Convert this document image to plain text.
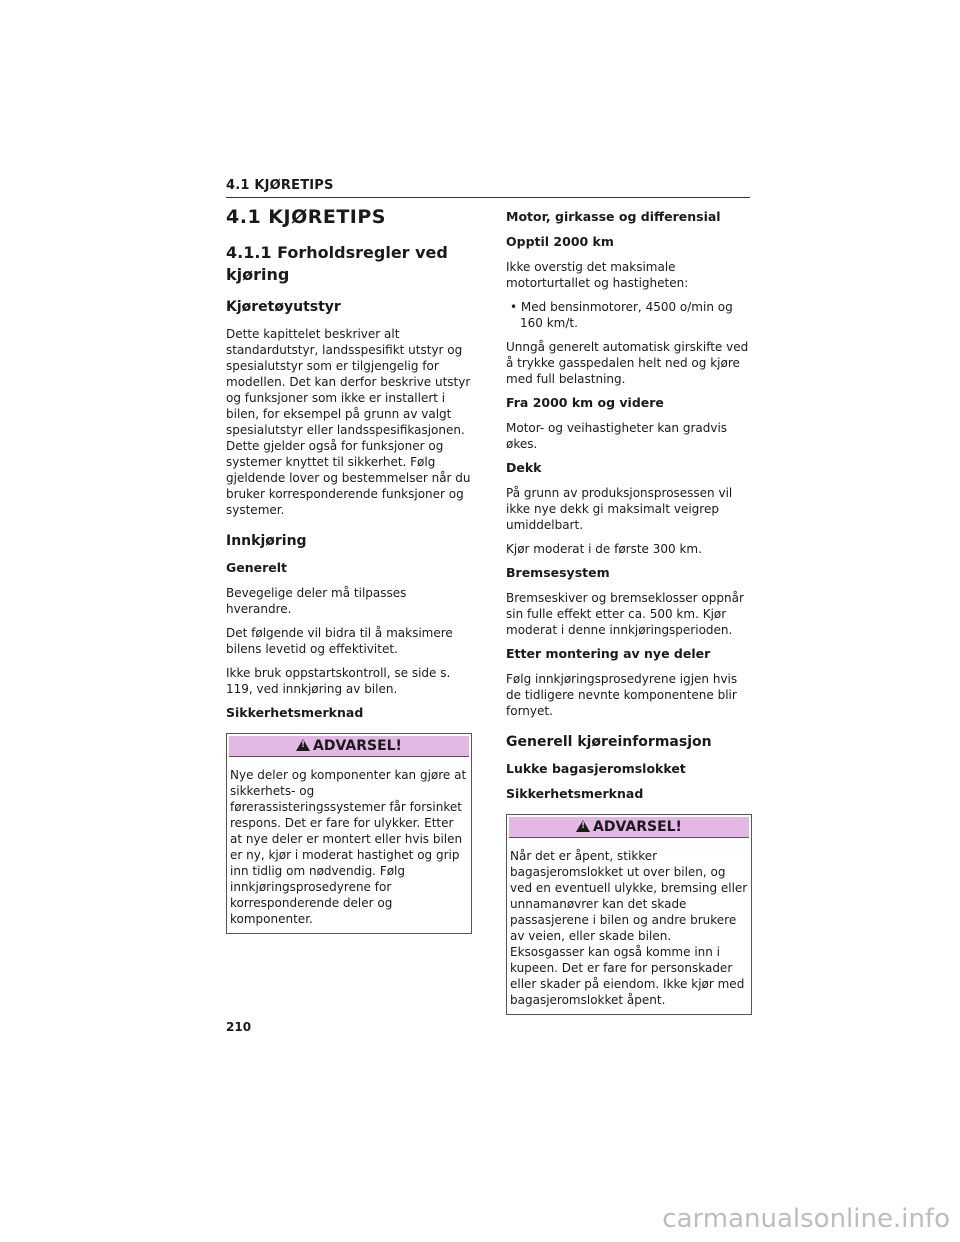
4.1 KJØRETIPS
4.1 KJØRETIPS
4.1.1 Forholdsregler ved kjøring
Kjøretøyutstyr

Dette kapittelet beskriver alt standardutstyr, landsspesifikt utstyr og spesialutstyr som er tilgjengelig for modellen. Det kan derfor beskrive utstyr og funksjoner som ikke er installert i bilen, for eksempel på grunn av valgt spesialutstyr eller landsspesifikasjonen. Dette gjelder også for funksjoner og systemer knyttet til sikkerhet. Følg gjeldende lover og bestemmelser når du bruker korresponderende funksjoner og systemer.

Innkjøring
Generelt

Bevegelige deler må tilpasses hverandre.

Det følgende vil bidra til å maksimere bilens levetid og effektivitet.

Ikke bruk oppstartskontroll, se side s. 119, ved innkjøring av bilen.

Sikkerhetsmerknad
!ADVARSEL!
Nye deler og komponenter kan gjøre at sikkerhets- og førerassisteringssystemer får forsinket respons. Det er fare for ulykker. Etter at nye deler er montert eller hvis bilen er ny, kjør i moderat hastighet og grip inn tidlig om nødvendig. Følg innkjøringsprosedyrene for korresponderende deler og komponenter.
Motor, girkasse og differensial
Opptil 2000 km

Ikke overstig det maksimale motorturtallet og hastigheten:

• Med bensinmotorer, 4500 o/min og 160 km/t.

Unngå generelt automatisk girskifte ved å trykke gasspedalen helt ned og kjøre med full belastning.

Fra 2000 km og videre

Motor- og veihastigheter kan gradvis økes.

Dekk

På grunn av produksjonsprosessen vil ikke nye dekk gi maksimalt veigrep umiddelbart.

Kjør moderat i de første 300 km.

Bremsesystem

Bremseskiver og bremseklosser oppnår sin fulle effekt etter ca. 500 km. Kjør moderat i denne innkjøringsperioden.

Etter montering av nye deler

Følg innkjøringsprosedyrene igjen hvis de tidligere nevnte komponentene blir fornyet.

Generell kjøreinformasjon
Lukke bagasjeromslokket
Sikkerhetsmerknad
!ADVARSEL!
Når det er åpent, stikker bagasjeromslokket ut over bilen, og ved en eventuell ulykke, bremsing eller unnamanøvrer kan det skade passasjerene i bilen og andre brukere av veien, eller skade bilen. Eksosgasser kan også komme inn i kupeen. Det er fare for personskader eller skader på eiendom. Ikke kjør med bagasjeromslokket åpent.
210
carmanualsonline.info
